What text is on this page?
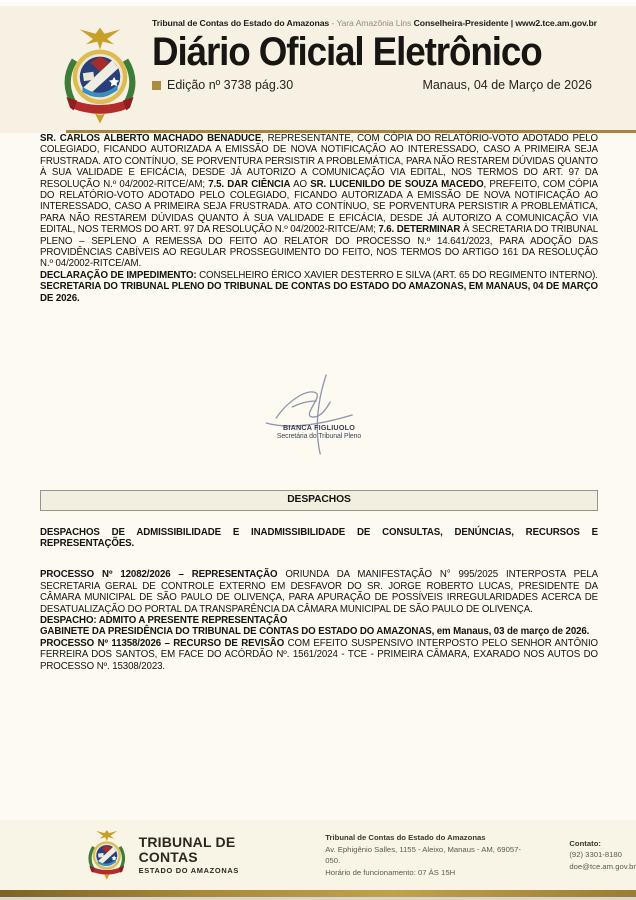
Tribunal de Contas do Estado do Amazonas - Yara Amazônia Lins Conselheira-Presidente | www2.tce.am.gov.br
Diário Oficial Eletrônico
Edição nº 3738 pág.30	Manaus, 04 de Março de 2026

SR. CARLOS ALBERTO MACHADO BENADUCE, REPRESENTANTE, COM CÓPIA DO RELATÓRIO-VOTO ADOTADO PELO COLEGIADO, FICANDO AUTORIZADA A EMISSÃO DE NOVA NOTIFICAÇÃO AO INTERESSADO, CASO A PRIMEIRA SEJA FRUSTRADA. ATO CONTÍNUO, SE PORVENTURA PERSISTIR A PROBLEMÁTICA, PARA NÃO RESTAREM DÚVIDAS QUANTO À SUA VALIDADE E EFICÁCIA, DESDE JÁ AUTORIZO A COMUNICAÇÃO VIA EDITAL, NOS TERMOS DO ART. 97 DA RESOLUÇÃO N.º 04/2002-RITCE/AM; 7.5. DAR CIÊNCIA AO SR. LUCENILDO DE SOUZA MACEDO, PREFEITO, COM CÓPIA DO RELATÓRIO-VOTO ADOTADO PELO COLEGIADO, FICANDO AUTORIZADA A EMISSÃO DE NOVA NOTIFICAÇÃO AO INTERESSADO, CASO A PRIMEIRA SEJA FRUSTRADA. ATO CONTÍNUO, SE PORVENTURA PERSISTIR A PROBLEMÁTICA, PARA NÃO RESTAREM DÚVIDAS QUANTO À SUA VALIDADE E EFICÁCIA, DESDE JÁ AUTORIZO A COMUNICAÇÃO VIA EDITAL, NOS TERMOS DO ART. 97 DA RESOLUÇÃO N.º 04/2002-RITCE/AM; 7.6. DETERMINAR À SECRETARIA DO TRIBUNAL PLENO – SEPLENO A REMESSA DO FEITO AO RELATOR DO PROCESSO N.º 14.641/2023, PARA ADOÇÃO DAS PROVIDÊNCIAS CABÍVEIS AO REGULAR PROSSEGUIMENTO DO FEITO, NOS TERMOS DO ARTIGO 161 DA RESOLUÇÃO N.º 04/2002-RITCE/AM.

DECLARAÇÃO DE IMPEDIMENTO: CONSELHEIRO ÉRICO XAVIER DESTERRO E SILVA (ART. 65 DO REGIMENTO INTERNO).

SECRETARIA DO TRIBUNAL PLENO DO TRIBUNAL DE CONTAS DO ESTADO DO AMAZONAS, EM MANAUS, 04 DE MARÇO DE 2026.

BIANCA FIGLIUOLO
Secretária do Tribunal Pleno
DESPACHOS

DESPACHOS DE ADMISSIBILIDADE E INADMISSIBILIDADE DE CONSULTAS, DENÚNCIAS, RECURSOS E REPRESENTAÇÕES.

PROCESSO Nº 12082/2026 – REPRESENTAÇÃO ORIUNDA DA MANIFESTAÇÃO N° 995/2025 INTERPOSTA PELA SECRETARIA GERAL DE CONTROLE EXTERNO EM DESFAVOR DO SR. JORGE ROBERTO LUCAS, PRESIDENTE DA CÂMARA MUNICIPAL DE SÃO PAULO DE OLIVENÇA, PARA APURAÇÃO DE POSSÍVEIS IRREGULARIDADES ACERCA DE DESATUALIZAÇÃO DO PORTAL DA TRANSPARÊNCIA DA CÂMARA MUNICIPAL DE SÃO PAULO DE OLIVENÇA.

DESPACHO: ADMITO A PRESENTE REPRESENTAÇÃO

GABINETE DA PRESIDÊNCIA DO TRIBUNAL DE CONTAS DO ESTADO DO AMAZONAS, em Manaus, 03 de março de 2026.

PROCESSO Nº 11358/2026 – RECURSO DE REVISÃO COM EFEITO SUSPENSIVO INTERPOSTO PELO SENHOR ANTÔNIO FERREIRA DOS SANTOS, EM FACE DO ACÓRDÃO Nº. 1561/2024 - TCE - PRIMEIRA CÂMARA, EXARADO NOS AUTOS DO PROCESSO Nº. 15308/2023.

TRIBUNAL DE CONTAS
ESTADO DO AMAZONAS
Tribunal de Contas do Estado do Amazonas
Av. Ephigênio Salles, 1155 - Aleixo, Manaus - AM, 69057-050.
Horário de funcionamento: 07 ÀS 15H
Contato:
(92) 3301-8180
doe@tce.am.gov.br
